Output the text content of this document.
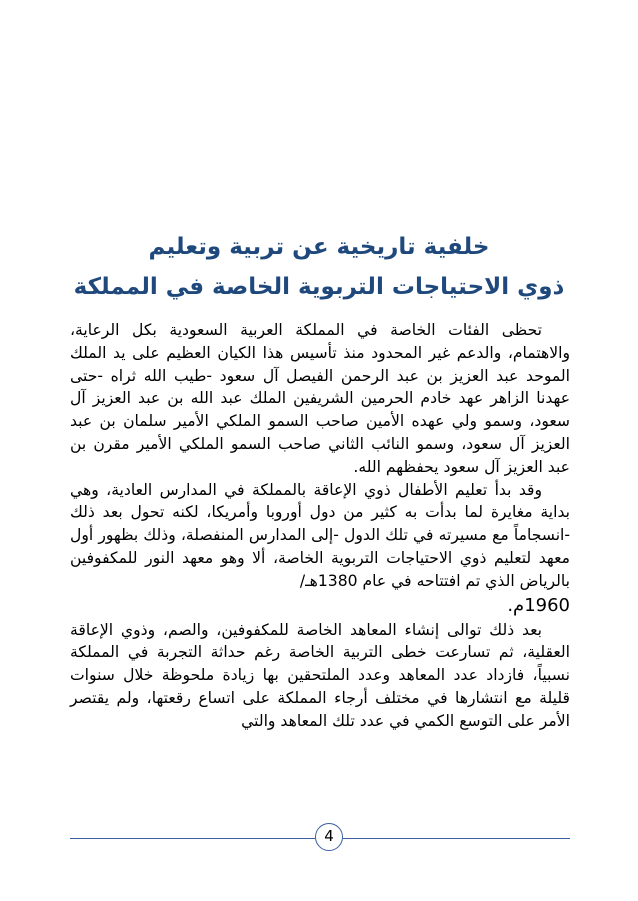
خلفية تاريخية عن تربية وتعليم
ذوي الاحتياجات التربوية الخاصة في المملكة

تحظى الفئات الخاصة في المملكة العربية السعودية بكل الرعاية، والاهتمام، والدعم غير المحدود منذ تأسيس هذا الكيان العظيم على يد الملك الموحد عبد العزيز بن عبد الرحمن الفيصل آل سعود -طيب الله ثراه -حتى عهدنا الزاهر عهد خادم الحرمين الشريفين الملك عبد الله بن عبد العزيز آل سعود، وسمو ولي عهده الأمين صاحب السمو الملكي الأمير سلمان بن عبد العزيز آل سعود، وسمو النائب الثاني صاحب السمو الملكي الأمير مقرن بن عبد العزيز آل سعود يحفظهم الله.

وقد بدأ تعليم الأطفال ذوي الإعاقة بالمملكة في المدارس العادية، وهي بداية مغايرة لما بدأت به كثير من دول أوروبا وأمريكا، لكنه تحول بعد ذلك -انسجاماً مع مسيرته في تلك الدول -إلى المدارس المنفصلة، وذلك بظهور أول معهد لتعليم ذوي الاحتياجات التربوية الخاصة، ألا وهو معهد النور للمكفوفين بالرياض الذي تم افتتاحه في عام 1380هـ/

1960م.

بعد ذلك توالى إنشاء المعاهد الخاصة للمكفوفين، والصم، وذوي الإعاقة العقلية، ثم تسارعت خطى التربية الخاصة رغم حداثة التجربة في المملكة نسبياً، فازداد عدد المعاهد وعدد الملتحقين بها زيادة ملحوظة خلال سنوات قليلة مع انتشارها في مختلف أرجاء المملكة على اتساع رقعتها، ولم يقتصر الأمر على التوسع الكمي في عدد تلك المعاهد والتي

4
